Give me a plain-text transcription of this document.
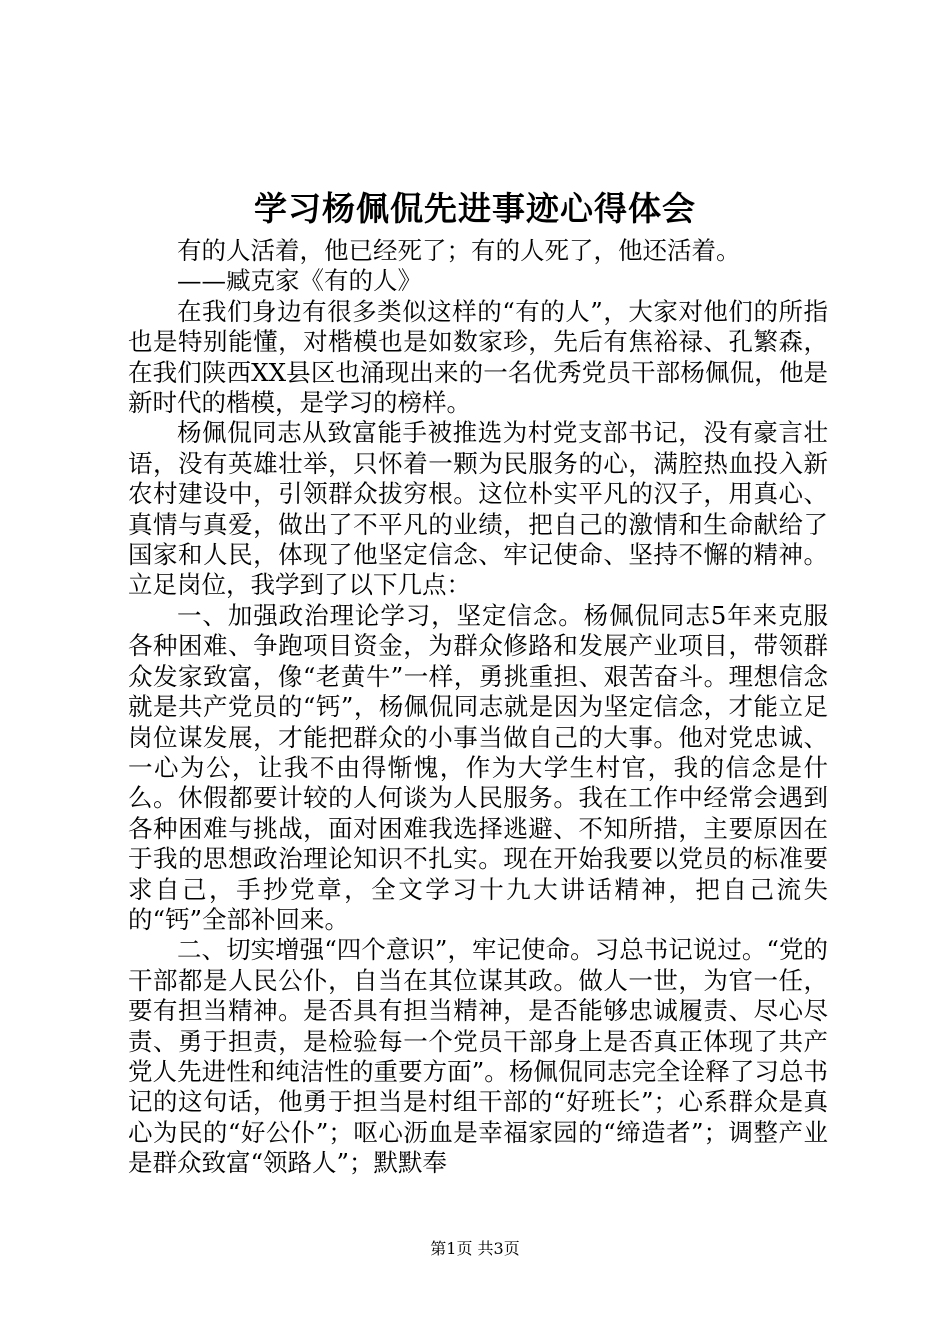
学习杨佩侃先进事迹心得体会

有的人活着，他已经死了；有的人死了，他还活着。

——臧克家《有的人》

在我们身边有很多类似这样的“有的人”，大家对他们的所指也是特别能懂，对楷模也是如数家珍，先后有焦裕禄、孔繁森，在我们陕西XX县区也涌现出来的一名优秀党员干部杨佩侃，他是新时代的楷模，是学习的榜样。

杨佩侃同志从致富能手被推选为村党支部书记，没有豪言壮语，没有英雄壮举，只怀着一颗为民服务的心，满腔热血投入新农村建设中，引领群众拔穷根。这位朴实平凡的汉子，用真心、真情与真爱，做出了不平凡的业绩，把自己的激情和生命献给了国家和人民，体现了他坚定信念、牢记使命、坚持不懈的精神。立足岗位，我学到了以下几点：

一、加强政治理论学习，坚定信念。杨佩侃同志5年来克服各种困难、争跑项目资金，为群众修路和发展产业项目，带领群众发家致富，像“老黄牛”一样，勇挑重担、艰苦奋斗。理想信念就是共产党员的“钙”，杨佩侃同志就是因为坚定信念，才能立足岗位谋发展，才能把群众的小事当做自己的大事。他对党忠诚、一心为公，让我不由得惭愧，作为大学生村官，我的信念是什么。休假都要计较的人何谈为人民服务。我在工作中经常会遇到各种困难与挑战，面对困难我选择逃避、不知所措，主要原因在于我的思想政治理论知识不扎实。现在开始我要以党员的标准要求自己，手抄党章，全文学习十九大讲话精神，把自己流失的“钙”全部补回来。

二、切实增强“四个意识”，牢记使命。习总书记说过。“党的干部都是人民公仆，自当在其位谋其政。做人一世，为官一任，要有担当精神。是否具有担当精神，是否能够忠诚履责、尽心尽责、勇于担责，是检验每一个党员干部身上是否真正体现了共产党人先进性和纯洁性的重要方面”。杨佩侃同志完全诠释了习总书记的这句话，他勇于担当是村组干部的“好班长”；心系群众是真心为民的“好公仆”；呕心沥血是幸福家园的“缔造者”；调整产业是群众致富“领路人”；默默奉

第1页 共3页
